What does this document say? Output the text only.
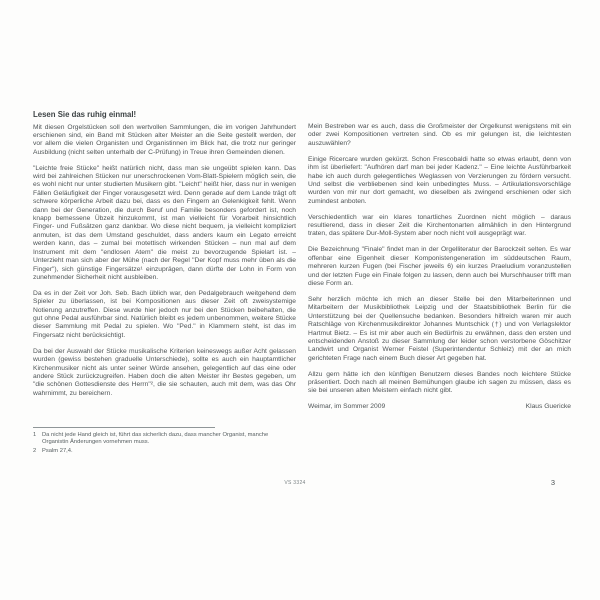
Lesen Sie das ruhig einmal!

Mit diesen Orgelstücken soll den wertvollen Sammlungen, die im vorigen Jahrhundert erschienen sind, ein Band mit Stücken alter Meister an die Seite gestellt werden, der vor allem die vielen Organisten und Organistinnen im Blick hat, die trotz nur geringer Ausbildung (nicht selten unterhalb der C-Prüfung) in Treue ihren Gemeinden dienen.

"Leichte freie Stücke" heißt natürlich nicht, dass man sie ungeübt spielen kann. Das wird bei zahlreichen Stücken nur unerschrockenen Vom-Blatt-Spielern möglich sein, die es wohl nicht nur unter studierten Musikern gibt. "Leicht" heißt hier, dass nur in wenigen Fällen Geläufigkeit der Finger vorausgesetzt wird. Denn gerade auf dem Lande trägt oft schwere körperliche Arbeit dazu bei, dass es den Fingern an Gelenkigkeit fehlt. Wenn dann bei der Generation, die durch Beruf und Familie besonders gefordert ist, noch knapp bemessene Übzeit hinzukommt, ist man vielleicht für Vorarbeit hinsichtlich Finger- und Fußsätzen ganz dankbar. Wo diese nicht bequem, ja vielleicht kompliziert anmuten, ist das dem Umstand geschuldet, dass anders kaum ein Legato erreicht werden kann, das – zumal bei motettisch wirkenden Stücken – nun mal auf dem Instrument mit dem "endlosen Atem" die meist zu bevorzugende Spielart ist. – Unterzieht man sich aber der Mühe (nach der Regel "Der Kopf muss mehr üben als die Finger"), sich günstige Fingersätze¹ einzuprägen, dann dürfte der Lohn in Form von zunehmender Sicherheit nicht ausbleiben.

Da es in der Zeit vor Joh. Seb. Bach üblich war, den Pedalgebrauch weitgehend dem Spieler zu überlassen, ist bei Kompositionen aus dieser Zeit oft zweisystemige Notierung anzutreffen. Diese wurde hier jedoch nur bei den Stücken beibehalten, die gut ohne Pedal ausführbar sind. Natürlich bleibt es jedem unbenommen, weitere Stücke dieser Sammlung mit Pedal zu spielen. Wo "Ped." in Klammern steht, ist das im Fingersatz nicht berücksichtigt.

Da bei der Auswahl der Stücke musikalische Kriterien keineswegs außer Acht gelassen wurden (gewiss bestehen graduelle Unterschiede), sollte es auch ein hauptamtlicher Kirchenmusiker nicht als unter seiner Würde ansehen, gelegentlich auf das eine oder andere Stück zurückzugreifen. Haben doch die alten Meister ihr Bestes gegeben, um "die schönen Gottesdienste des Herrn"², die sie schauten, auch mit dem, was das Ohr wahrnimmt, zu bereichern.

Mein Bestreben war es auch, dass die Großmeister der Orgelkunst wenigstens mit ein oder zwei Kompositionen vertreten sind. Ob es mir gelungen ist, die leichtesten auszuwählen?

Einige Ricercare wurden gekürzt. Schon Frescobaldi hatte so etwas erlaubt, denn von ihm ist überliefert: "Aufhören darf man bei jeder Kadenz." – Eine leichte Ausführbarkeit habe ich auch durch gelegentliches Weglassen von Verzierungen zu fördern versucht. Und selbst die verbliebenen sind kein unbedingtes Muss. – Artikulationsvorschläge wurden von mir nur dort gemacht, wo dieselben als zwingend erschienen oder sich zumindest anboten.

Verschiedentlich war ein klares tonartliches Zuordnen nicht möglich – daraus resultierend, dass in dieser Zeit die Kirchentonarten allmählich in den Hintergrund traten, das spätere Dur-Moll-System aber noch nicht voll ausgeprägt war.

Die Bezeichnung "Finale" findet man in der Orgelliteratur der Barockzeit selten. Es war offenbar eine Eigenheit dieser Komponistengeneration im süddeutschen Raum, mehreren kurzen Fugen (bei Fischer jeweils 6) ein kurzes Praeludium voranzustellen und der letzten Fuge ein Finale folgen zu lassen, denn auch bei Murschhauser trifft man diese Form an.

Sehr herzlich möchte ich mich an dieser Stelle bei den Mitarbeiterinnen und Mitarbeitern der Musikbibliothek Leipzig und der Staatsbibliothek Berlin für die Unterstützung bei der Quellensuche bedanken. Besonders hilfreich waren mir auch Ratschläge von Kirchenmusikdirektor Johannes Muntschick (†) und von Verlagslektor Hartmut Bietz. – Es ist mir aber auch ein Bedürfnis zu erwähnen, dass den ersten und entscheidenden Anstoß zu dieser Sammlung der leider schon verstorbene Göschitzer Landwirt und Organist Werner Feistel (Superintendentur Schleiz) mit der an mich gerichteten Frage nach einem Buch dieser Art gegeben hat.

Allzu gern hätte ich den künftigen Benutzern dieses Bandes noch leichtere Stücke präsentiert. Doch nach all meinen Bemühungen glaube ich sagen zu müssen, dass es sie bei unseren alten Meistern einfach nicht gibt.

Weimar, im Sommer 2009	Klaus Guericke
1 Da nicht jede Hand gleich ist, führt das sicherlich dazu, dass mancher Organist, manche Organistin Änderungen vornehmen muss.
2 Psalm 27,4.
VS 3324	3
